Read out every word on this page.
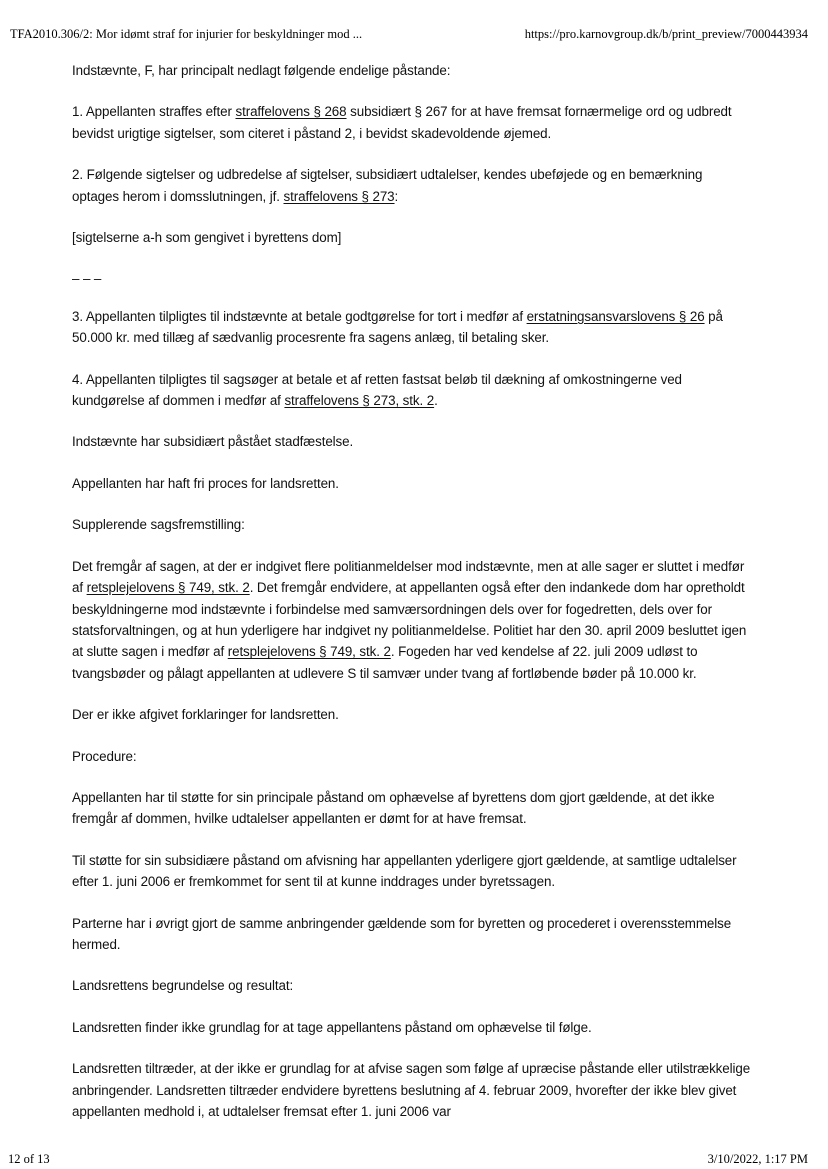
TFA2010.306/2: Mor idømt straf for injurier for beskyldninger mod ...	https://pro.karnovgroup.dk/b/print_preview/7000443934

Indstævnte, F, har principalt nedlagt følgende endelige påstande:

1. Appellanten straffes efter straffelovens § 268 subsidiært § 267 for at have fremsat fornærmelige ord og udbredt bevidst urigtige sigtelser, som citeret i påstand 2, i bevidst skadevoldende øjemed.

2. Følgende sigtelser og udbredelse af sigtelser, subsidiært udtalelser, kendes ubeføjede og en bemærkning optages herom i domsslutningen, jf. straffelovens § 273:

[sigtelserne a-h som gengivet i byrettens dom]

– – –

3. Appellanten tilpligtes til indstævnte at betale godtgørelse for tort i medfør af erstatningsansvarslovens § 26 på 50.000 kr. med tillæg af sædvanlig procesrente fra sagens anlæg, til betaling sker.

4. Appellanten tilpligtes til sagsøger at betale et af retten fastsat beløb til dækning af omkostningerne ved kundgørelse af dommen i medfør af straffelovens § 273, stk. 2.

Indstævnte har subsidiært påstået stadfæstelse.

Appellanten har haft fri proces for landsretten.

Supplerende sagsfremstilling:

Det fremgår af sagen, at der er indgivet flere politianmeldelser mod indstævnte, men at alle sager er sluttet i medfør af retsplejelovens § 749, stk. 2. Det fremgår endvidere, at appellanten også efter den indankede dom har opretholdt beskyldningerne mod indstævnte i forbindelse med samværsordningen dels over for fogedretten, dels over for statsforvaltningen, og at hun yderligere har indgivet ny politianmeldelse. Politiet har den 30. april 2009 besluttet igen at slutte sagen i medfør af retsplejelovens § 749, stk. 2. Fogeden har ved kendelse af 22. juli 2009 udløst to tvangsbøder og pålagt appellanten at udlevere S til samvær under tvang af fortløbende bøder på 10.000 kr.

Der er ikke afgivet forklaringer for landsretten.

Procedure:

Appellanten har til støtte for sin principale påstand om ophævelse af byrettens dom gjort gældende, at det ikke fremgår af dommen, hvilke udtalelser appellanten er dømt for at have fremsat.

Til støtte for sin subsidiære påstand om afvisning har appellanten yderligere gjort gældende, at samtlige udtalelser efter 1. juni 2006 er fremkommet for sent til at kunne inddrages under byretssagen.

Parterne har i øvrigt gjort de samme anbringender gældende som for byretten og procederet i overensstemmelse hermed.

Landsrettens begrundelse og resultat:

Landsretten finder ikke grundlag for at tage appellantens påstand om ophævelse til følge.

Landsretten tiltræder, at der ikke er grundlag for at afvise sagen som følge af upræcise påstande eller utilstrækkelige anbringender. Landsretten tiltræder endvidere byrettens beslutning af 4. februar 2009, hvorefter der ikke blev givet appellanten medhold i, at udtalelser fremsat efter 1. juni 2006 var

12 of 13	3/10/2022, 1:17 PM
